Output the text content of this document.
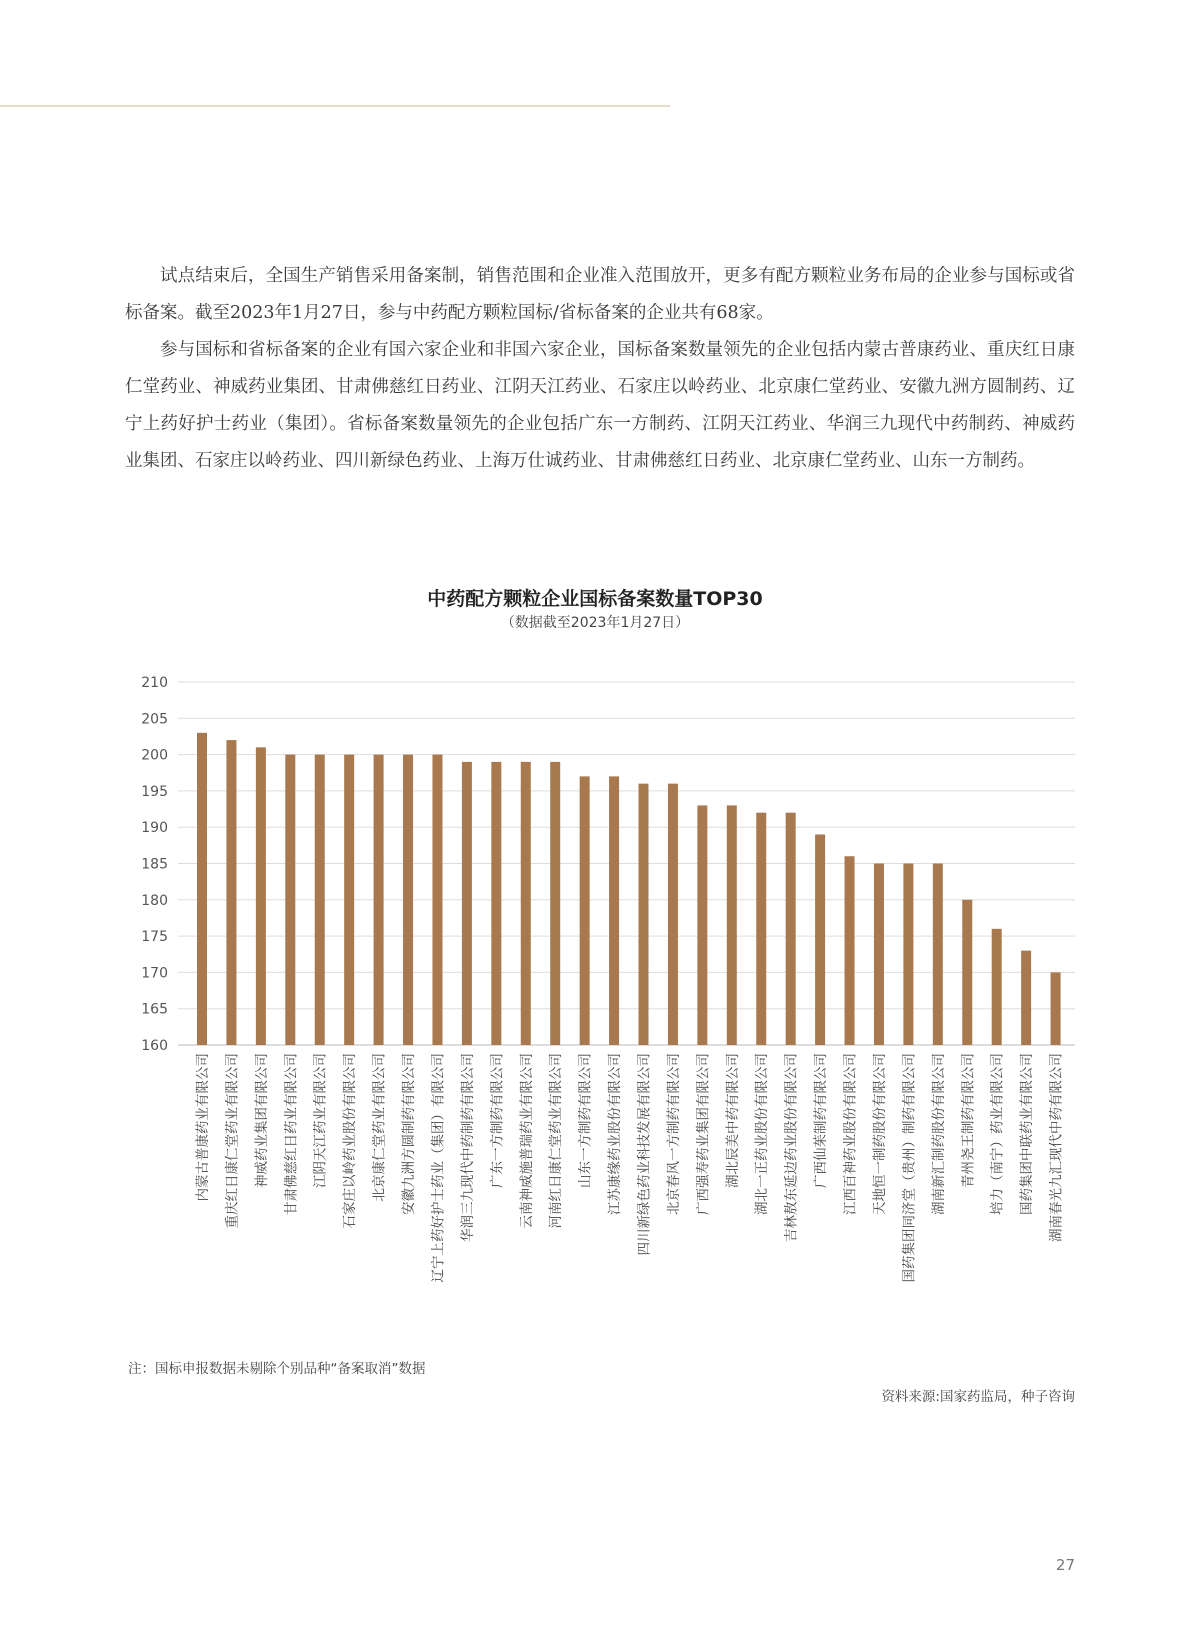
试点结束后，全国生产销售采用备案制，销售范围和企业准入范围放开，更多有配方颗粒业务布局的企业参与国标或省标备案。截至2023年1月27日，参与中药配方颗粒国标/省标备案的企业共有68家。

参与国标和省标备案的企业有国六家企业和非国六家企业，国标备案数量领先的企业包括内蒙古普康药业、重庆红日康仁堂药业、神威药业集团、甘肃佛慈红日药业、江阴天江药业、石家庄以岭药业、北京康仁堂药业、安徽九洲方圆制药、辽宁上药好护士药业（集团）。省标备案数量领先的企业包括广东一方制药、江阴天江药业、华润三九现代中药制药、神威药业集团、石家庄以岭药业、四川新绿色药业、上海万仕诚药业、甘肃佛慈红日药业、北京康仁堂药业、山东一方制药。

中药配方颗粒企业国标备案数量TOP30
（数据截至2023年1月27日）
160
165
170
175
180
185
190
195
200
205
210
内蒙古普康药业有限公司 重庆红日康仁堂药业有限公司 神威药业集团有限公司 甘肃佛慈红日药业有限公司 江阴天江药业有限公司 石家庄以岭药业股份有限公司 北京康仁堂药业有限公司 安徽九洲方圆制药有限公司 辽宁上药好护士药业（集团）有限公司 华润三九现代中药制药有限公司 广东一方制药有限公司 云南神威施普瑞药业有限公司 河南红日康仁堂药业有限公司 山东一方制药有限公司 江苏康缘药业股份有限公司 四川新绿色药业科技发展有限公司 北京春风一方制药有限公司 广西强寿药业集团有限公司 湖北辰美中药有限公司 湖北一正药业股份有限公司 吉林敖东延边药业股份有限公司 广西仙茱制药有限公司 江西百神药业股份有限公司 天地恒一制药股份有限公司 国药集团同济堂（贵州）制药有限公司 湖南新汇制药股份有限公司 青州尧王制药有限公司 培力（南宁）药业有限公司 国药集团中联药业有限公司 湖南春光九汇现代中药有限公司
注：国标申报数据未剔除个别品种“备案取消”数据
资料来源:国家药监局，种子咨询
27
